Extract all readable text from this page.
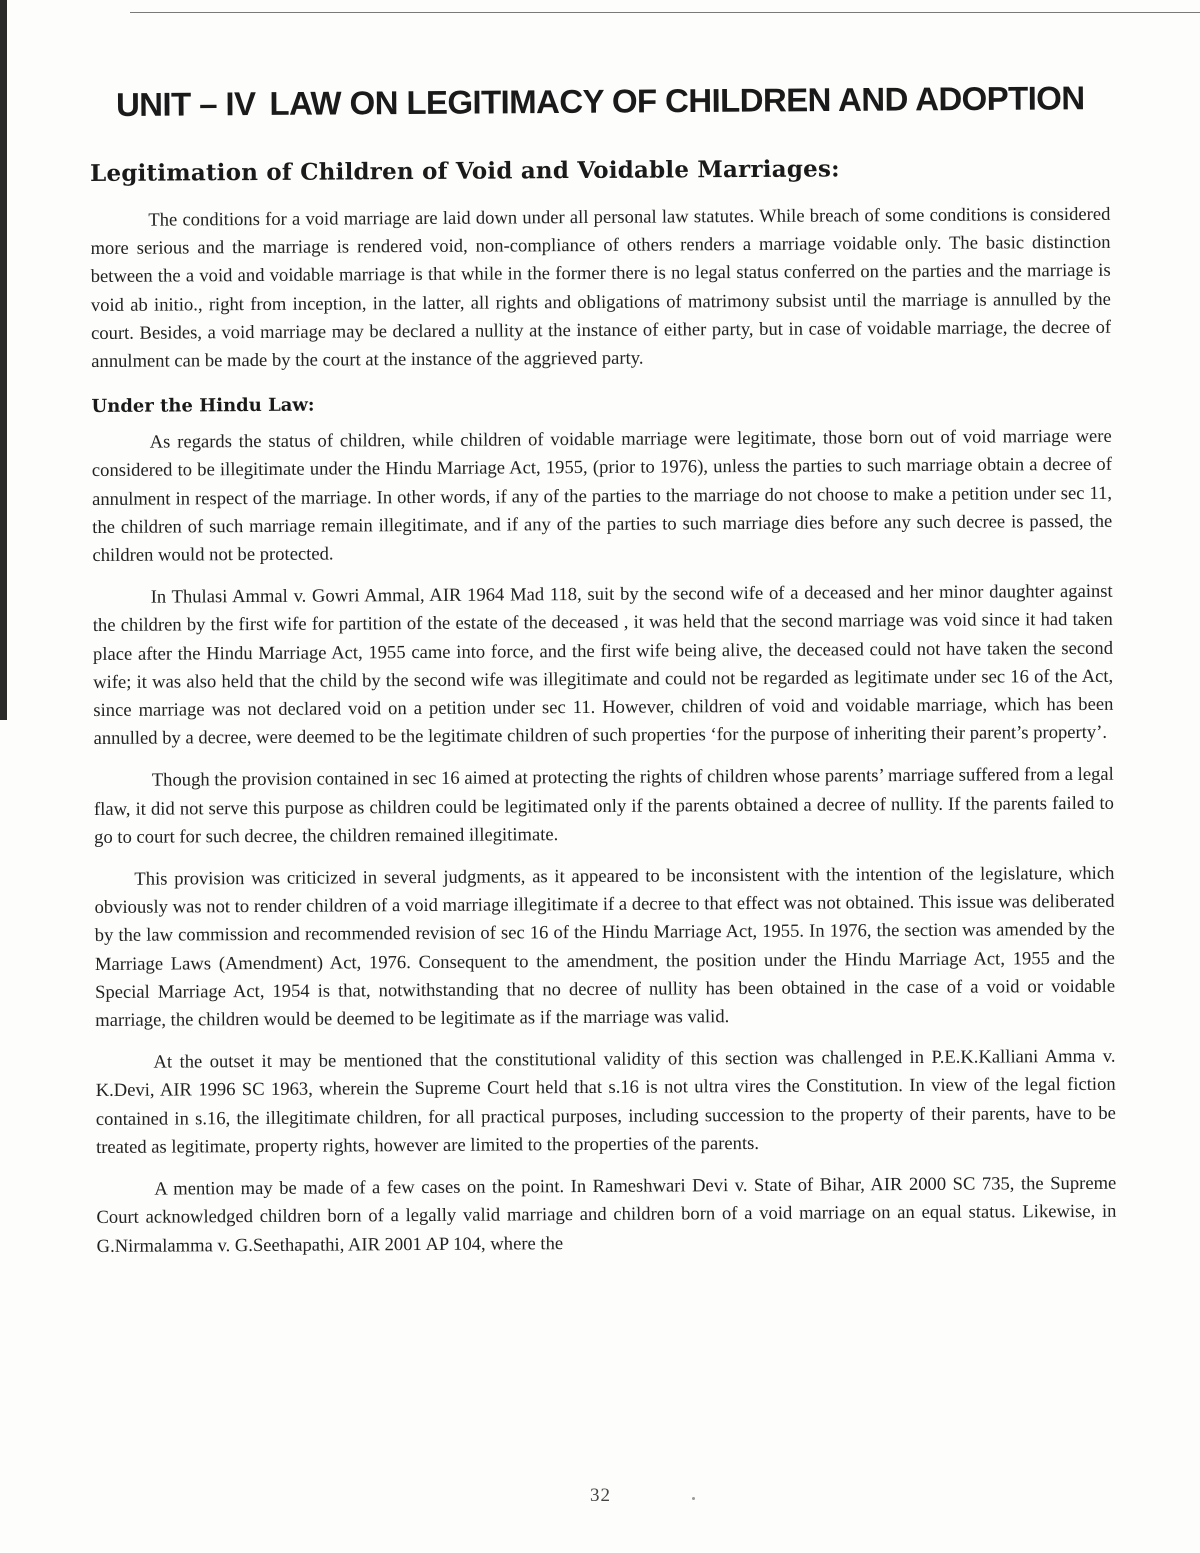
UNIT – IV LAW ON LEGITIMACY OF CHILDREN AND ADOPTION
Legitimation of Children of Void and Voidable Marriages:

The conditions for a void marriage are laid down under all personal law statutes. While breach of some conditions is considered more serious and the marriage is rendered void, non-compliance of others renders a marriage voidable only. The basic distinction between the a void and voidable marriage is that while in the former there is no legal status conferred on the parties and the marriage is void ab initio., right from inception, in the latter, all rights and obligations of matrimony subsist until the marriage is annulled by the court. Besides, a void marriage may be declared a nullity at the instance of either party, but in case of voidable marriage, the decree of annulment can be made by the court at the instance of the aggrieved party.

Under the Hindu Law:

As regards the status of children, while children of voidable marriage were legitimate, those born out of void marriage were considered to be illegitimate under the Hindu Marriage Act, 1955, (prior to 1976), unless the parties to such marriage obtain a decree of annulment in respect of the marriage. In other words, if any of the parties to the marriage do not choose to make a petition under sec 11, the children of such marriage remain illegitimate, and if any of the parties to such marriage dies before any such decree is passed, the children would not be protected.

In Thulasi Ammal v. Gowri Ammal, AIR 1964 Mad 118, suit by the second wife of a deceased and her minor daughter against the children by the first wife for partition of the estate of the deceased , it was held that the second marriage was void since it had taken place after the Hindu Marriage Act, 1955 came into force, and the first wife being alive, the deceased could not have taken the second wife; it was also held that the child by the second wife was illegitimate and could not be regarded as legitimate under sec 16 of the Act, since marriage was not declared void on a petition under sec 11. However, children of void and voidable marriage, which has been annulled by a decree, were deemed to be the legitimate children of such properties ‘for the purpose of inheriting their parent’s property’.

Though the provision contained in sec 16 aimed at protecting the rights of children whose parents’ marriage suffered from a legal flaw, it did not serve this purpose as children could be legitimated only if the parents obtained a decree of nullity. If the parents failed to go to court for such decree, the children remained illegitimate.

This provision was criticized in several judgments, as it appeared to be inconsistent with the intention of the legislature, which obviously was not to render children of a void marriage illegitimate if a decree to that effect was not obtained. This issue was deliberated by the law commission and recommended revision of sec 16 of the Hindu Marriage Act, 1955. In 1976, the section was amended by the Marriage Laws (Amendment) Act, 1976. Consequent to the amendment, the position under the Hindu Marriage Act, 1955 and the Special Marriage Act, 1954 is that, notwithstanding that no decree of nullity has been obtained in the case of a void or voidable marriage, the children would be deemed to be legitimate as if the marriage was valid.

At the outset it may be mentioned that the constitutional validity of this section was challenged in P.E.K.Kalliani Amma v. K.Devi, AIR 1996 SC 1963, wherein the Supreme Court held that s.16 is not ultra vires the Constitution. In view of the legal fiction contained in s.16, the illegitimate children, for all practical purposes, including succession to the property of their parents, have to be treated as legitimate, property rights, however are limited to the properties of the parents.

A mention may be made of a few cases on the point. In Rameshwari Devi v. State of Bihar, AIR 2000 SC 735, the Supreme Court acknowledged children born of a legally valid marriage and children born of a void marriage on an equal status. Likewise, in G.Nirmalamma v. G.Seethapathi, AIR 2001 AP 104, where the

32
